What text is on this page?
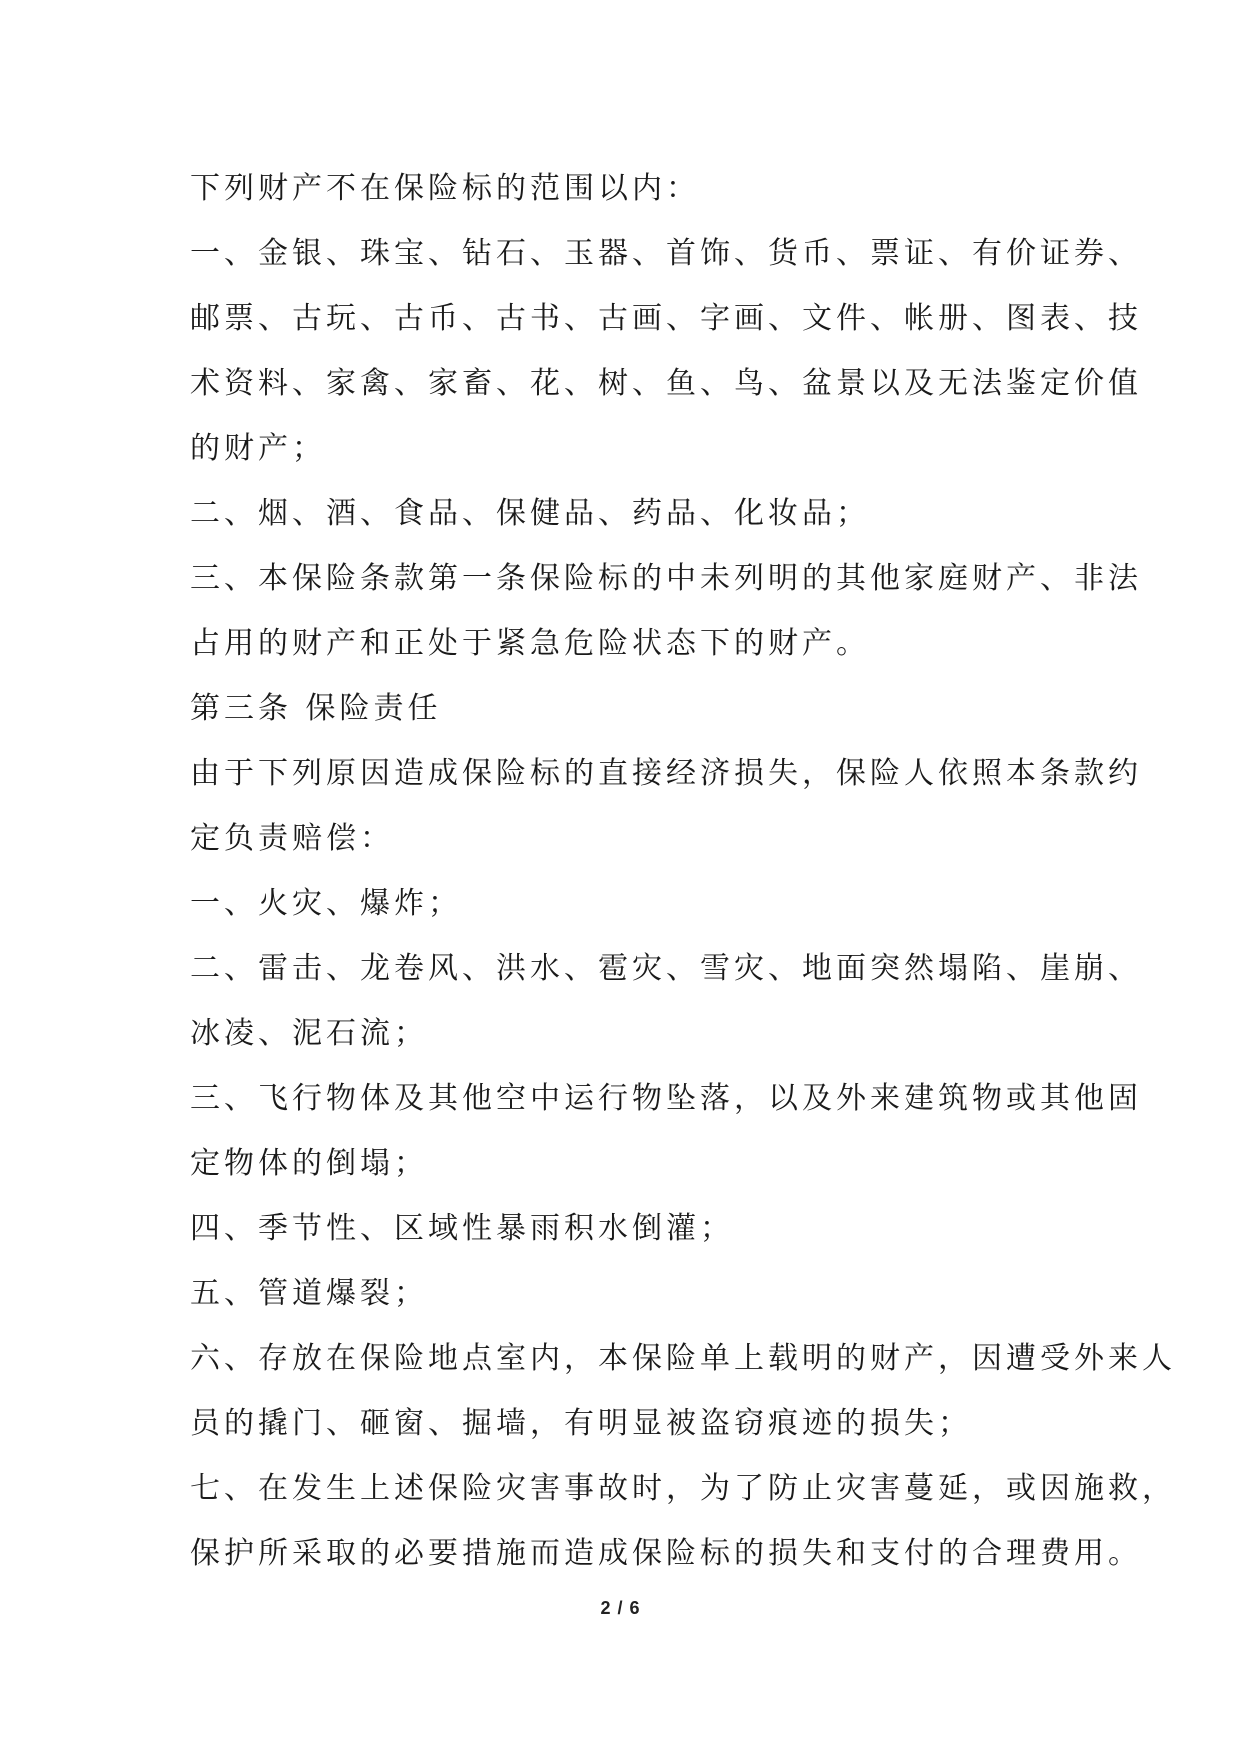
下列财产不在保险标的范围以内：

一、金银、珠宝、钻石、玉器、首饰、货币、票证、有价证券、

邮票、古玩、古币、古书、古画、字画、文件、帐册、图表、技

术资料、家禽、家畜、花、树、鱼、鸟、盆景以及无法鉴定价值

的财产；

二、烟、酒、食品、保健品、药品、化妆品；

三、本保险条款第一条保险标的中未列明的其他家庭财产、非法

占用的财产和正处于紧急危险状态下的财产。

第三条 保险责任

由于下列原因造成保险标的直接经济损失，保险人依照本条款约

定负责赔偿：

一、火灾、爆炸；

二、雷击、龙卷风、洪水、雹灾、雪灾、地面突然塌陷、崖崩、

冰凌、泥石流；

三、飞行物体及其他空中运行物坠落，以及外来建筑物或其他固

定物体的倒塌；

四、季节性、区域性暴雨积水倒灌；

五、管道爆裂；

六、存放在保险地点室内，本保险单上载明的财产，因遭受外来人

员的撬门、砸窗、掘墙，有明显被盗窃痕迹的损失；

七、在发生上述保险灾害事故时，为了防止灾害蔓延，或因施救，

保护所采取的必要措施而造成保险标的损失和支付的合理费用。

2 / 6
